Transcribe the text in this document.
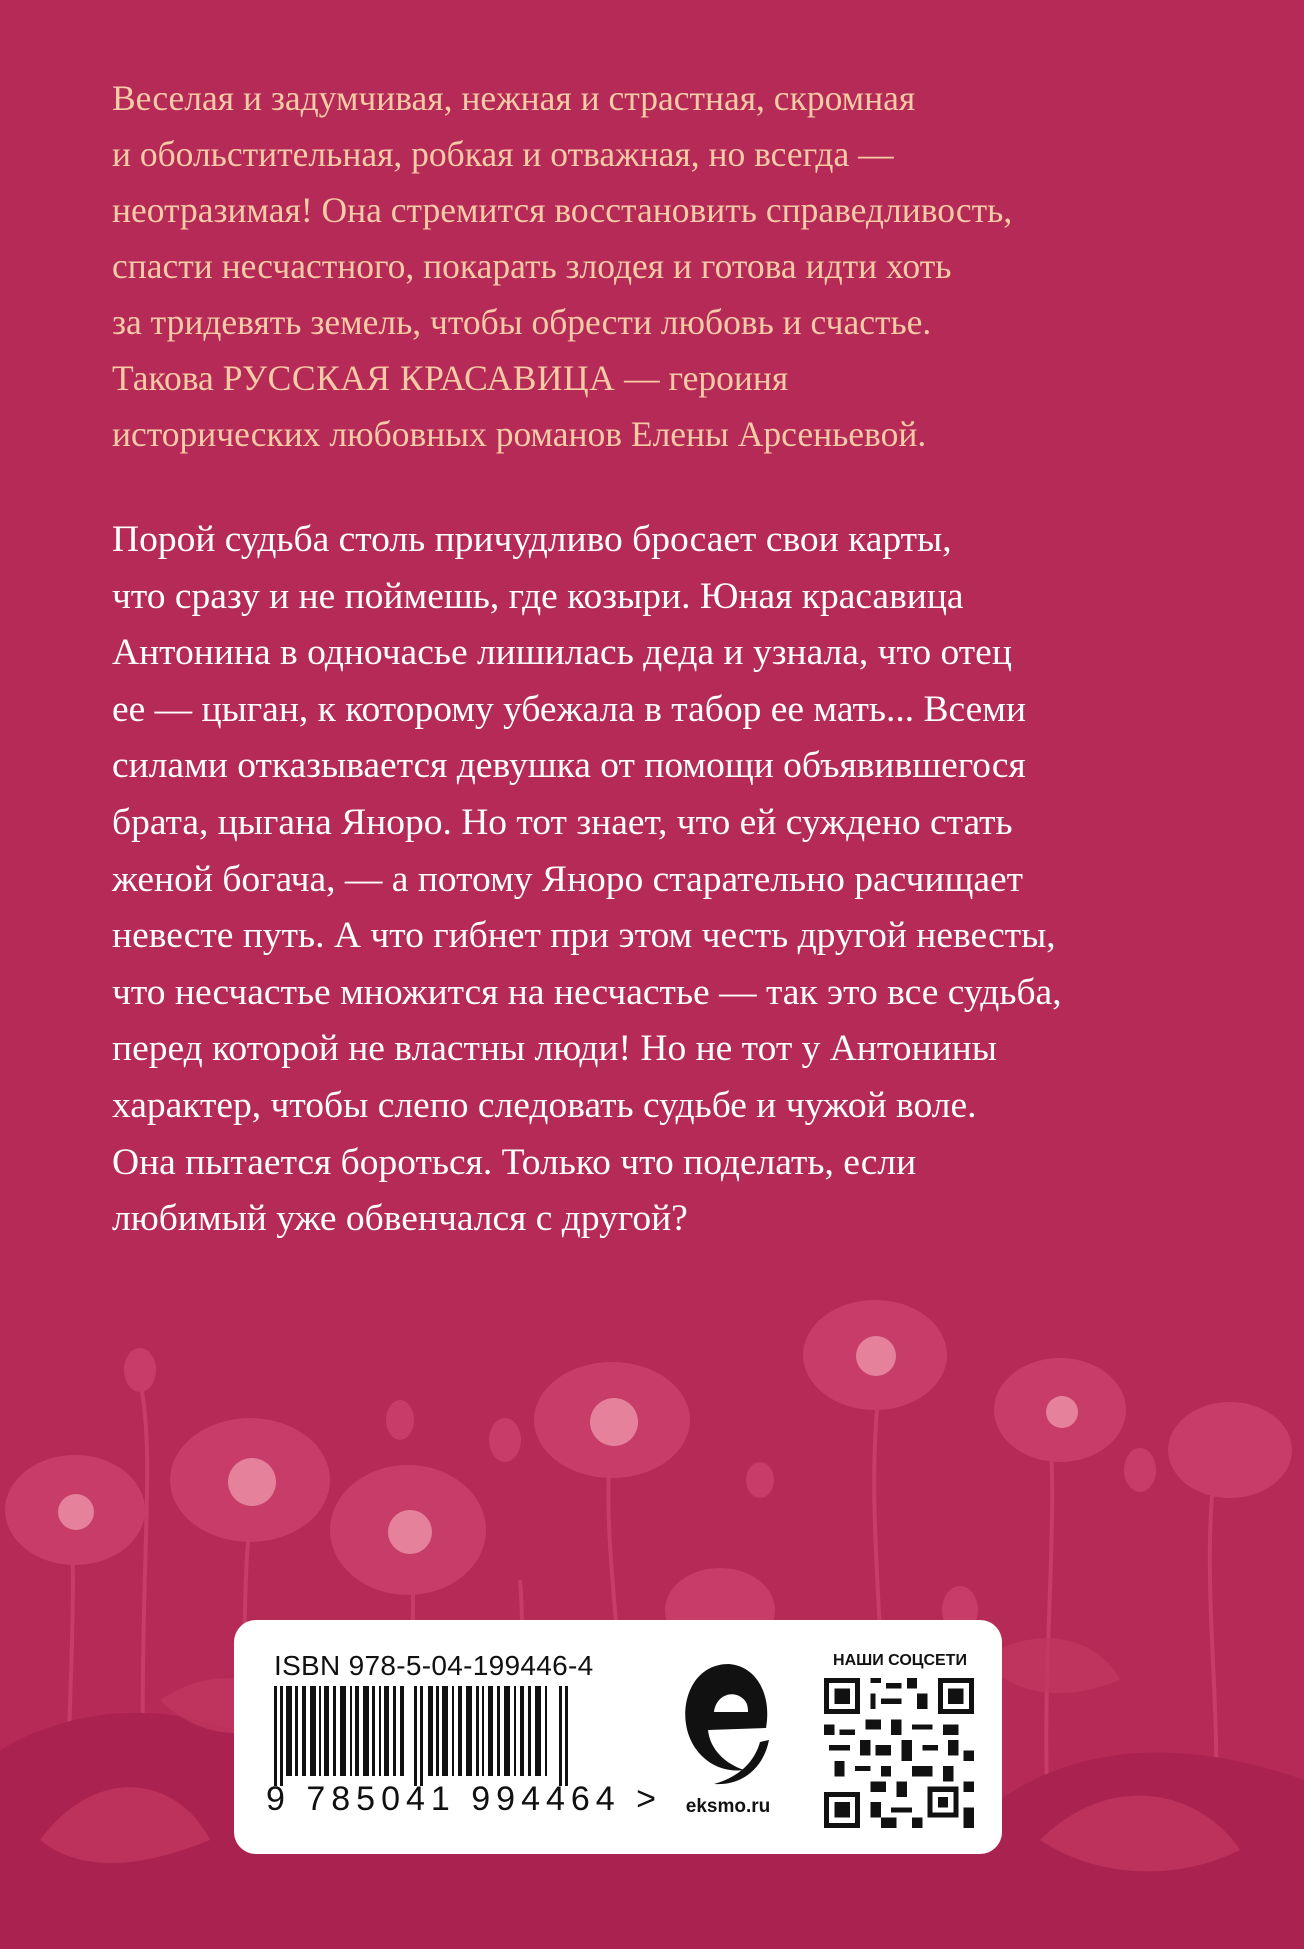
Веселая и задумчивая, нежная и страстная, скромная

и обольстительная, робкая и отважная, но всегда —

неотразимая! Она стремится восстановить справедливость,

спасти несчастного, покарать злодея и готова идти хоть

за тридевять земель, чтобы обрести любовь и счастье.

Такова РУССКАЯ КРАСАВИЦА — героиня

исторических любовных романов Елены Арсеньевой.

Порой судьба столь причудливо бросает свои карты,

что сразу и не поймешь, где козыри. Юная красавица

Антонина в одночасье лишилась деда и узнала, что отец

ее — цыган, к которому убежала в табор ее мать... Всеми

силами отказывается девушка от помощи объявившегося

брата, цыгана Яноро. Но тот знает, что ей суждено стать

женой богача, — а потому Яноро старательно расчищает

невесте путь. А что гибнет при этом честь другой невесты,

что несчастье множится на несчастье — так это все судьба,

перед которой не властны люди! Но не тот у Антонины

характер, чтобы слепо следовать судьбе и чужой воле.

Она пытается бороться. Только что поделать, если

любимый уже обвенчался с другой?

ISBN 978-5-04-199446-4
9 785041 994464 >	eksmo.ru
НАШИ СОЦСЕТИ
